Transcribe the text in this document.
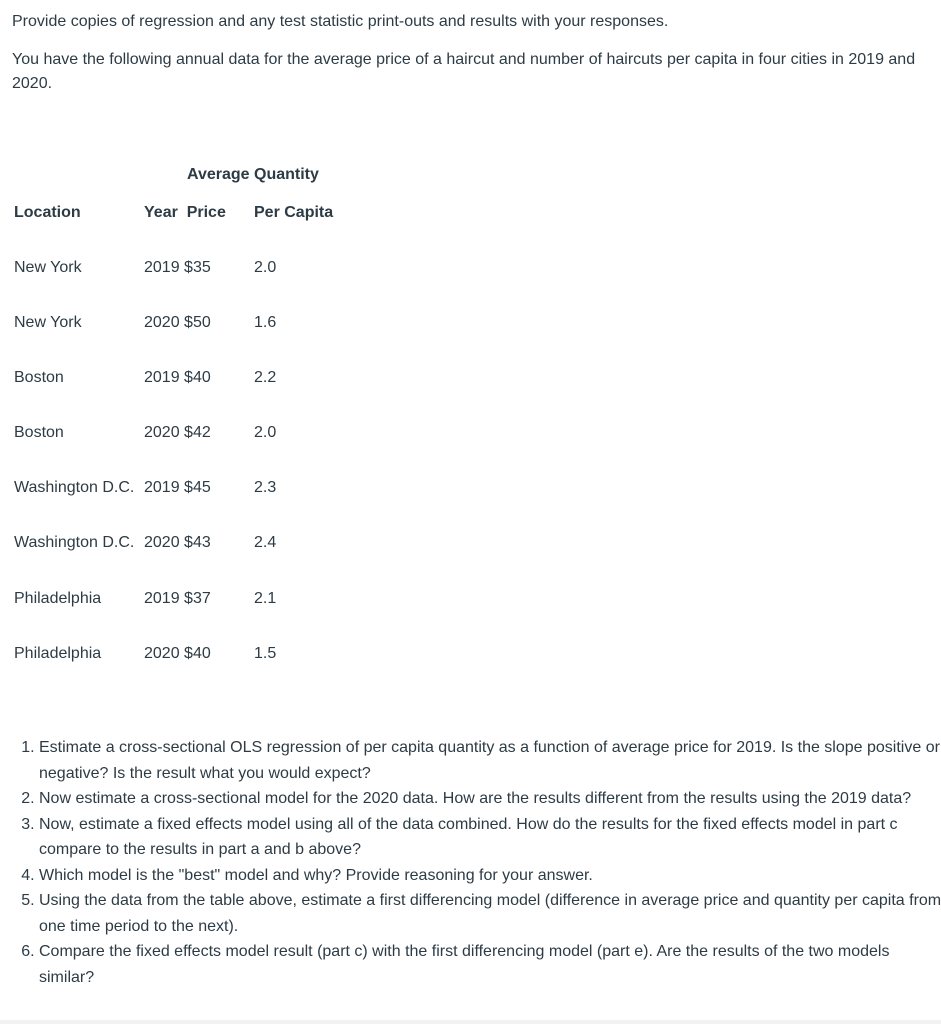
Provide copies of regression and any test statistic print-outs and results with your responses.

You have the following annual data for the average price of a haircut and number of haircuts per capita in four cities in 2019 and 2020.

Average Quantity
Location	Year  Price Per Capita
New York	2019 $35	2.0
New York	2020 $50	1.6
Boston	2019 $40	2.2
Boston	2020 $42	2.0
Washington D.C. 2019 $45	2.3
Washington D.C. 2020 $43	2.4
Philadelphia	2019 $37	2.1
Philadelphia	2020 $40	1.5
1. Estimate a cross-sectional OLS regression of per capita quantity as a function of average price for 2019. Is the slope positive or negative? Is the result what you would expect?
2. Now estimate a cross-sectional model for the 2020 data. How are the results different from the results using the 2019 data?
3. Now, estimate a fixed effects model using all of the data combined. How do the results for the fixed effects model in part c compare to the results in part a and b above?
4. Which model is the "best" model and why? Provide reasoning for your answer.
5. Using the data from the table above, estimate a first differencing model (difference in average price and quantity per capita from one time period to the next).
6. Compare the fixed effects model result (part c) with the first differencing model (part e). Are the results of the two models similar?
